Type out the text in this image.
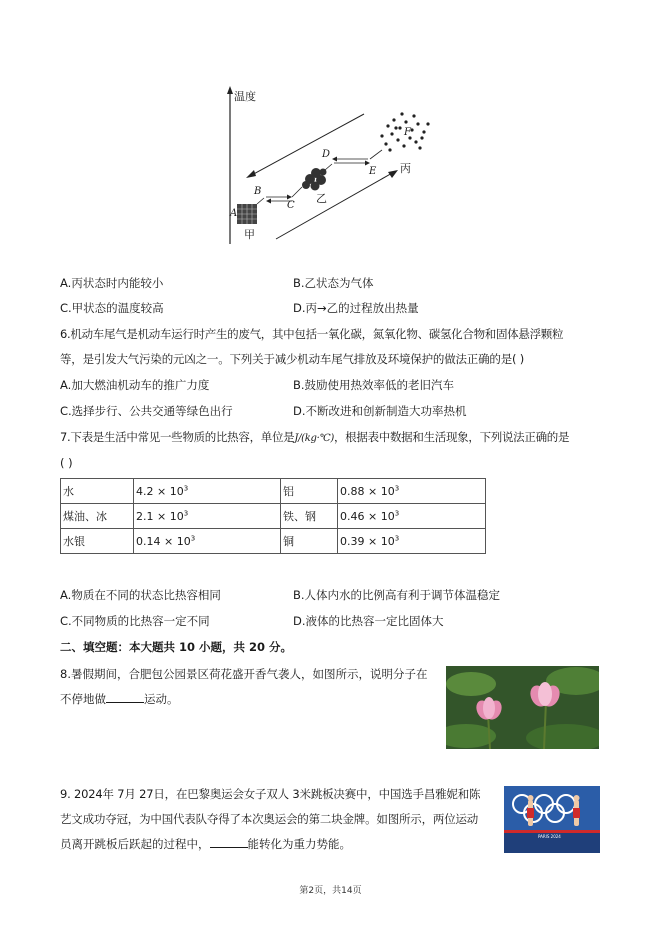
温度
A
B
C
D
E
F
甲
乙
丙
A.丙状态时内能较小	B.乙状态为气体
C.甲状态的温度较高	D.丙→乙的过程放出热量
6.机动车尾气是机动车运行时产生的废气，其中包括一氧化碳，氮氧化物、碳氢化合物和固体悬浮颗粒
等，是引发大气污染的元凶之一。下列关于减少机动车尾气排放及环境保护的做法正确的是( )
A.加大燃油机动车的推广力度	B.鼓励使用热效率低的老旧汽车
C.选择步行、公共交通等绿色出行	D.不断改进和创新制造大功率热机
7.下表是生活中常见一些物质的比热容，单位是J/(kg·℃)，根据表中数据和生活现象，下列说法正确的是
( )
水	$4.2 \times 10^3$	铝	$0.88 \times 10^3$
煤油、冰	$2.1 \times 10^3$	铁、钢	$0.46 \times 10^3$
水银	$0.14 \times 10^3$	铜	$0.39 \times 10^3$
A.物质在不同的状态比热容相同	B.人体内水的比例高有利于调节体温稳定
C.不同物质的比热容一定不同	D.液体的比热容一定比固体大
二、填空题：本大题共 10 小题，共 20 分。
8.暑假期间，合肥包公园景区荷花盛开香气袭人，如图所示，说明分子在
不停地做	运动。
9. 2024年 7月 27日，在巴黎奥运会女子双人 3米跳板决赛中，中国选手昌雅妮和陈
艺文成功夺冠，为中国代表队夺得了本次奥运会的第二块金牌。如图所示，两位运动
员离开跳板后跃起的过程中，	能转化为重力势能。
PARIS 2024
第2页，共14页
